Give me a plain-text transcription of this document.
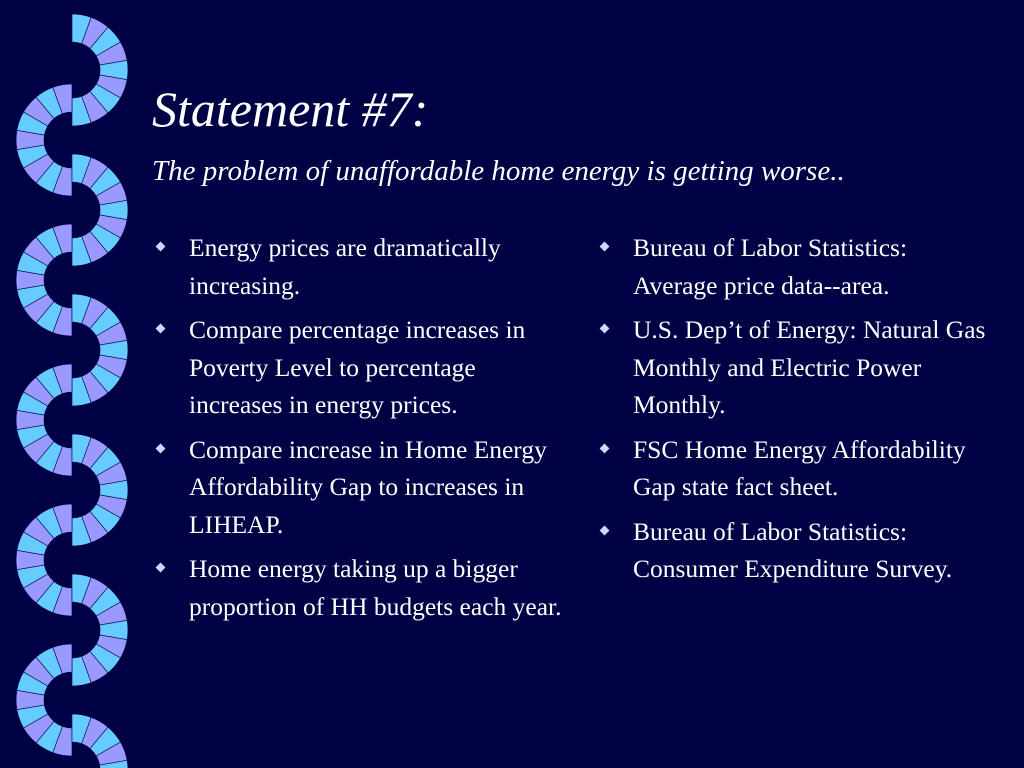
Statement #7:
The problem of unaffordable home energy is getting worse..
Energy prices are dramatically increasing.
Compare percentage increases in Poverty Level to percentage increases in energy prices.
Compare increase in Home Energy Affordability Gap to increases in LIHEAP.
Home energy taking up a bigger proportion of HH budgets each year.
Bureau of Labor Statistics: Average price data--area.
U.S. Dep’t of Energy: Natural Gas Monthly and Electric Power Monthly.
FSC Home Energy Affordability Gap state fact sheet.
Bureau of Labor Statistics: Consumer Expenditure Survey.
